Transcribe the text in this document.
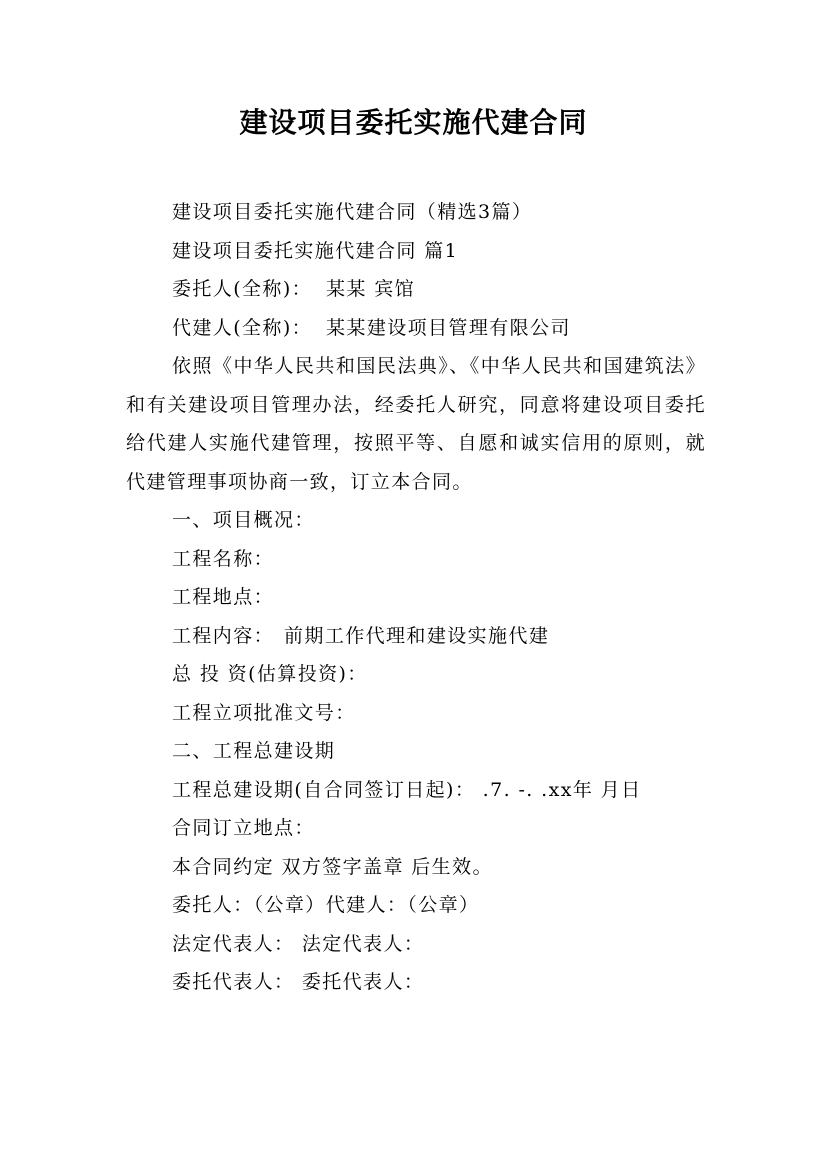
建设项目委托实施代建合同

建设项目委托实施代建合同（精选3篇）

建设项目委托实施代建合同 篇1

委托人(全称)： 某某 宾馆

代建人(全称)： 某某建设项目管理有限公司

依照《中华人民共和国民法典》、《中华人民共和国建筑法》和有关建设项目管理办法，经委托人研究，同意将建设项目委托给代建人实施代建管理，按照平等、自愿和诚实信用的原则，就代建管理事项协商一致，订立本合同。

一、项目概况：

工程名称：

工程地点：

工程内容： 前期工作代理和建设实施代建

总 投 资(估算投资)：

工程立项批准文号：

二、工程总建设期

工程总建设期(自合同签订日起)： .7. -. .xx年 月日

合同订立地点：

本合同约定 双方签字盖章 后生效。

委托人：（公章）代建人：（公章）

法定代表人： 法定代表人：

委托代表人： 委托代表人：
